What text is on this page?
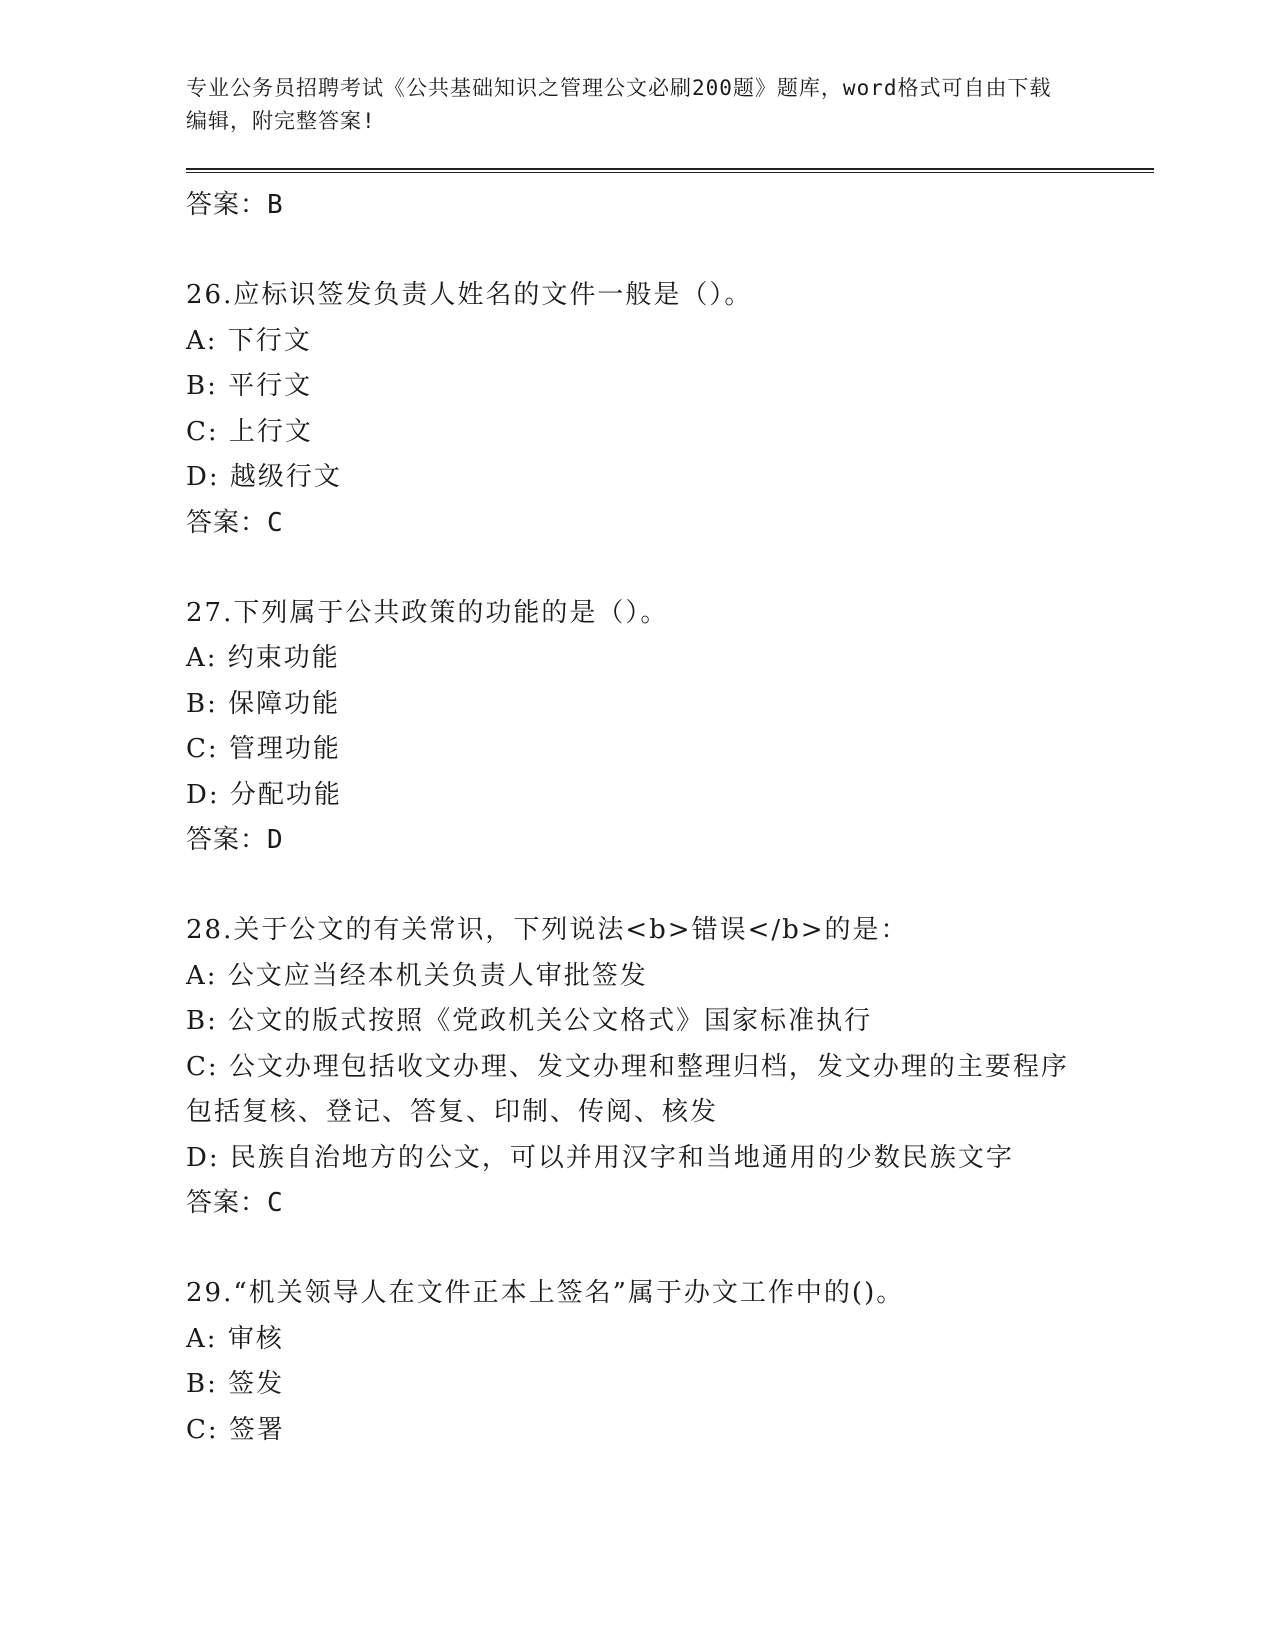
专业公务员招聘考试《公共基础知识之管理公文必刷200题》题库，word格式可自由下载编辑，附完整答案!

答案：B
26.应标识签发负责人姓名的文件一般是（）。
A: 下行文
B: 平行文
C: 上行文
D: 越级行文
答案：C
27.下列属于公共政策的功能的是（）。
A: 约束功能
B: 保障功能
C: 管理功能
D: 分配功能
答案：D
28.关于公文的有关常识，下列说法<b>错误</b>的是：
A: 公文应当经本机关负责人审批签发
B: 公文的版式按照《党政机关公文格式》国家标准执行
C: 公文办理包括收文办理、发文办理和整理归档，发文办理的主要程序包括复核、登记、答复、印制、传阅、核发
D: 民族自治地方的公文，可以并用汉字和当地通用的少数民族文字
答案：C
29.“机关领导人在文件正本上签名”属于办文工作中的()。
A: 审核
B: 签发
C: 签署
